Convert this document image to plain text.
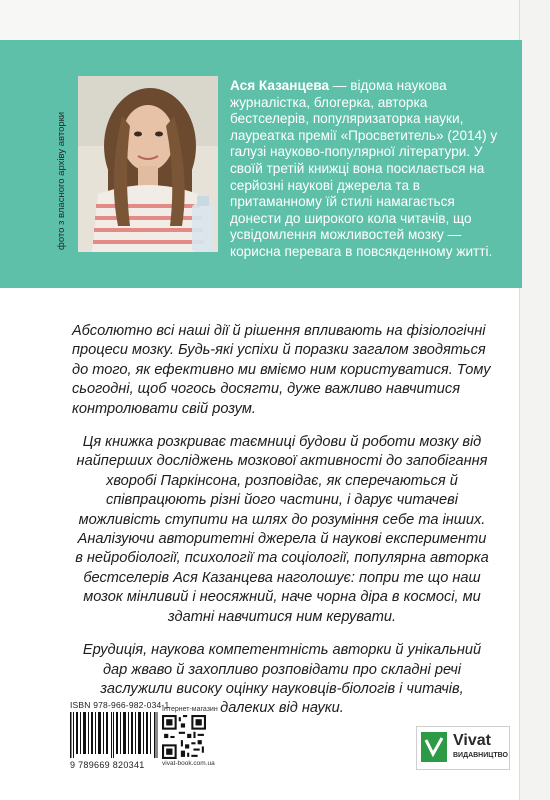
фото з власного архіву авторки

Ася Казанцева — відома наукова журналістка, блогерка, авторка бестселерів, популяризаторка науки, лауреатка премії «Просветитель» (2014) у галузі науково-популярної літератури. У своїй третій книжці вона посилається на серйозні наукові джерела та в притаманному їй стилі намагається донести до широкого кола читачів, що усвідомлення можливостей мозку — корисна перевага в повсякденному житті.

Абсолютно всі наші дії й рішення впливають на фізіологічні процеси мозку. Будь-які успіхи й поразки загалом зводяться до того, як ефективно ми вміємо ним користуватися. Тому сьогодні, щоб чогось досягти, дуже важливо навчитися контролювати свій розум.

Ця книжка розкриває таємниці будови й роботи мозку від найперших досліджень мозкової активності до запобігання хворобі Паркінсона, розповідає, як сперечаються й співпрацюють різні його частини, і дарує читачеві можливість ступити на шлях до розуміння себе та інших. Аналізуючи авторитетні джерела й наукові експерименти в нейробіології, психології та соціології, популярна авторка бестселерів Ася Казанцева наголошує: попри те що наш мозок мінливий і неосяжний, наче чорна діра в космосі, ми здатні навчитися ним керувати.

Ерудиція, наукова компетентність авторки й унікальний дар жваво й захопливо розповідати про складні речі заслужили високу оцінку науковців-біологів і читачів, далеких від науки.

ISBN 978-966-982-034-1
9 789669 820341
Інтернет-магазин
vivat-book.com.ua
Vivat
ВИДАВНИЦТВО
